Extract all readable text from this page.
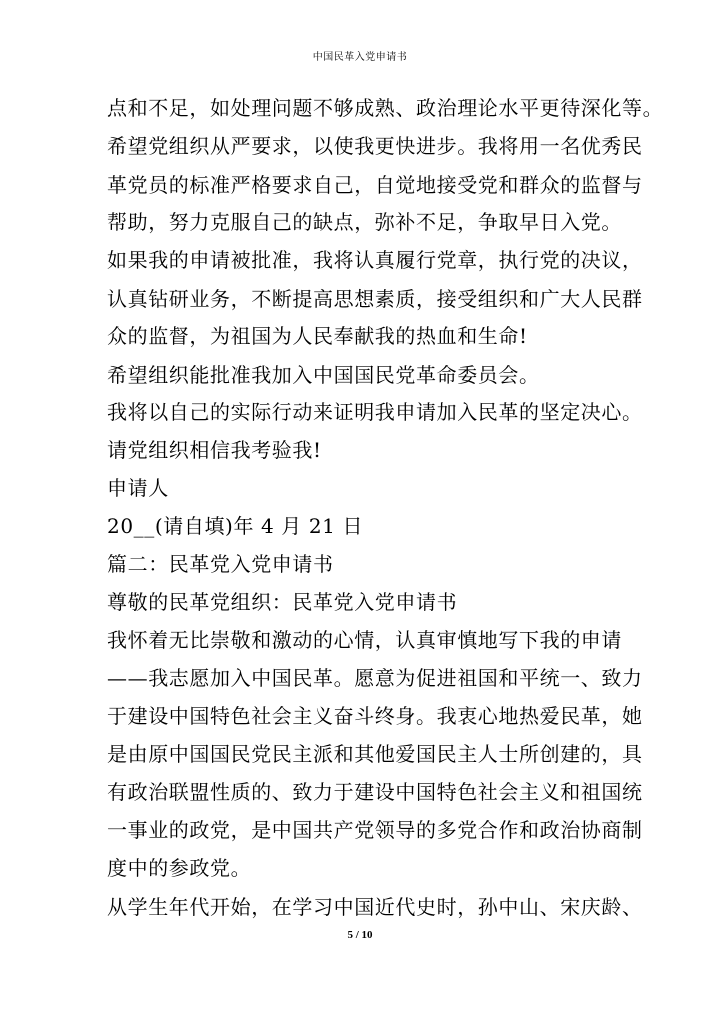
中国民革入党申请书
点和不足，如处理问题不够成熟、政治理论水平更待深化等。
希望党组织从严要求，以使我更快进步。我将用一名优秀民
革党员的标准严格要求自己，自觉地接受党和群众的监督与
帮助，努力克服自己的缺点，弥补不足，争取早日入党。
如果我的申请被批准，我将认真履行党章，执行党的决议，
认真钻研业务，不断提高思想素质，接受组织和广大人民群
众的监督，为祖国为人民奉献我的热血和生命!
希望组织能批准我加入中国国民党革命委员会。
我将以自己的实际行动来证明我申请加入民革的坚定决心。
请党组织相信我考验我!
申请人
20__(请自填)年 4 月 21 日
篇二：民革党入党申请书
尊敬的民革党组织：民革党入党申请书
我怀着无比崇敬和激动的心情，认真审慎地写下我的申请
——我志愿加入中国民革。愿意为促进祖国和平统一、致力
于建设中国特色社会主义奋斗终身。我衷心地热爱民革，她
是由原中国国民党民主派和其他爱国民主人士所创建的，具
有政治联盟性质的、致力于建设中国特色社会主义和祖国统
一事业的政党，是中国共产党领导的多党合作和政治协商制
度中的参政党。
从学生年代开始，在学习中国近代史时，孙中山、宋庆龄、
5 / 10
